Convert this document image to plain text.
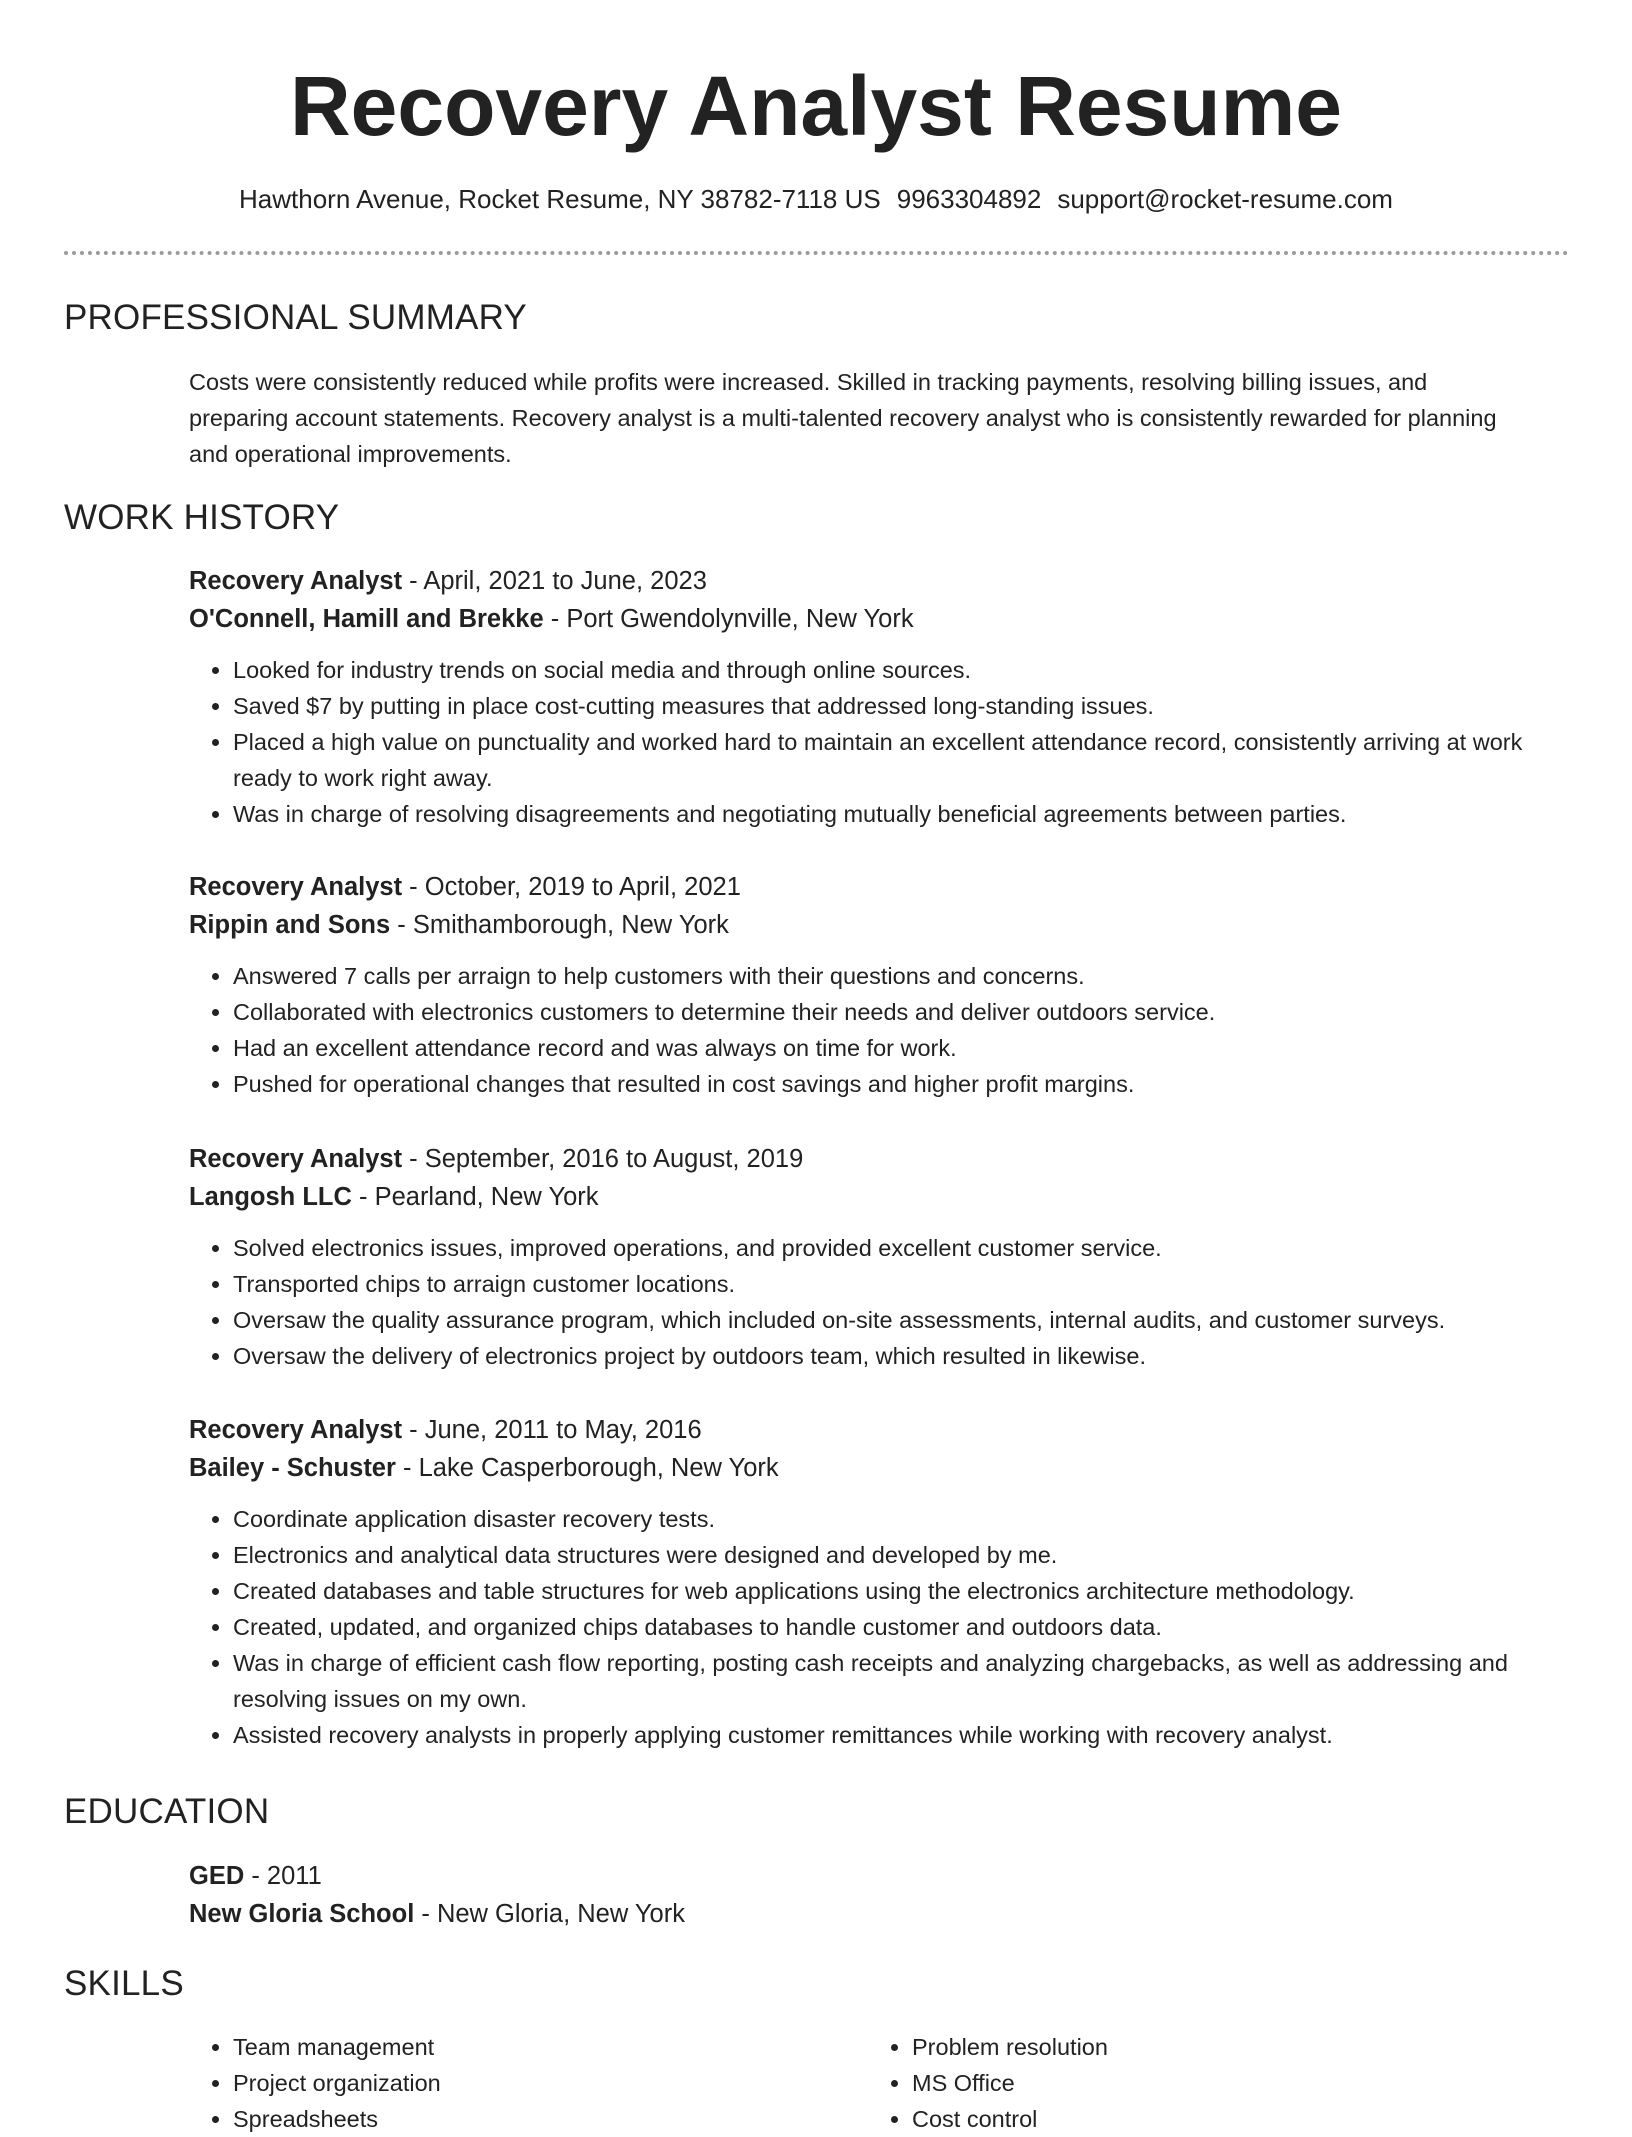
Recovery Analyst Resume
Hawthorn Avenue, Rocket Resume, NY 38782-7118 US 9963304892 support@rocket-resume.com
PROFESSIONAL SUMMARY
Costs were consistently reduced while profits were increased. Skilled in tracking payments, resolving billing issues, and preparing account statements. Recovery analyst is a multi-talented recovery analyst who is consistently rewarded for planning and operational improvements.
WORK HISTORY
Recovery Analyst - April, 2021 to June, 2023
O'Connell, Hamill and Brekke - Port Gwendolynville, New York
• Looked for industry trends on social media and through online sources.
• Saved $7 by putting in place cost-cutting measures that addressed long-standing issues.
• Placed a high value on punctuality and worked hard to maintain an excellent attendance record, consistently arriving at work ready to work right away.
• Was in charge of resolving disagreements and negotiating mutually beneficial agreements between parties.
Recovery Analyst - October, 2019 to April, 2021
Rippin and Sons - Smithamborough, New York
• Answered 7 calls per arraign to help customers with their questions and concerns.
• Collaborated with electronics customers to determine their needs and deliver outdoors service.
• Had an excellent attendance record and was always on time for work.
• Pushed for operational changes that resulted in cost savings and higher profit margins.
Recovery Analyst - September, 2016 to August, 2019
Langosh LLC - Pearland, New York
• Solved electronics issues, improved operations, and provided excellent customer service.
• Transported chips to arraign customer locations.
• Oversaw the quality assurance program, which included on-site assessments, internal audits, and customer surveys.
• Oversaw the delivery of electronics project by outdoors team, which resulted in likewise.
Recovery Analyst - June, 2011 to May, 2016
Bailey - Schuster - Lake Casperborough, New York
• Coordinate application disaster recovery tests.
• Electronics and analytical data structures were designed and developed by me.
• Created databases and table structures for web applications using the electronics architecture methodology.
• Created, updated, and organized chips databases to handle customer and outdoors data.
• Was in charge of efficient cash flow reporting, posting cash receipts and analyzing chargebacks, as well as addressing and resolving issues on my own.
• Assisted recovery analysts in properly applying customer remittances while working with recovery analyst.
EDUCATION
GED - 2011
New Gloria School - New Gloria, New York
SKILLS
• Team management
• Project organization
• Spreadsheets
• Problem resolution
• MS Office
• Cost control
